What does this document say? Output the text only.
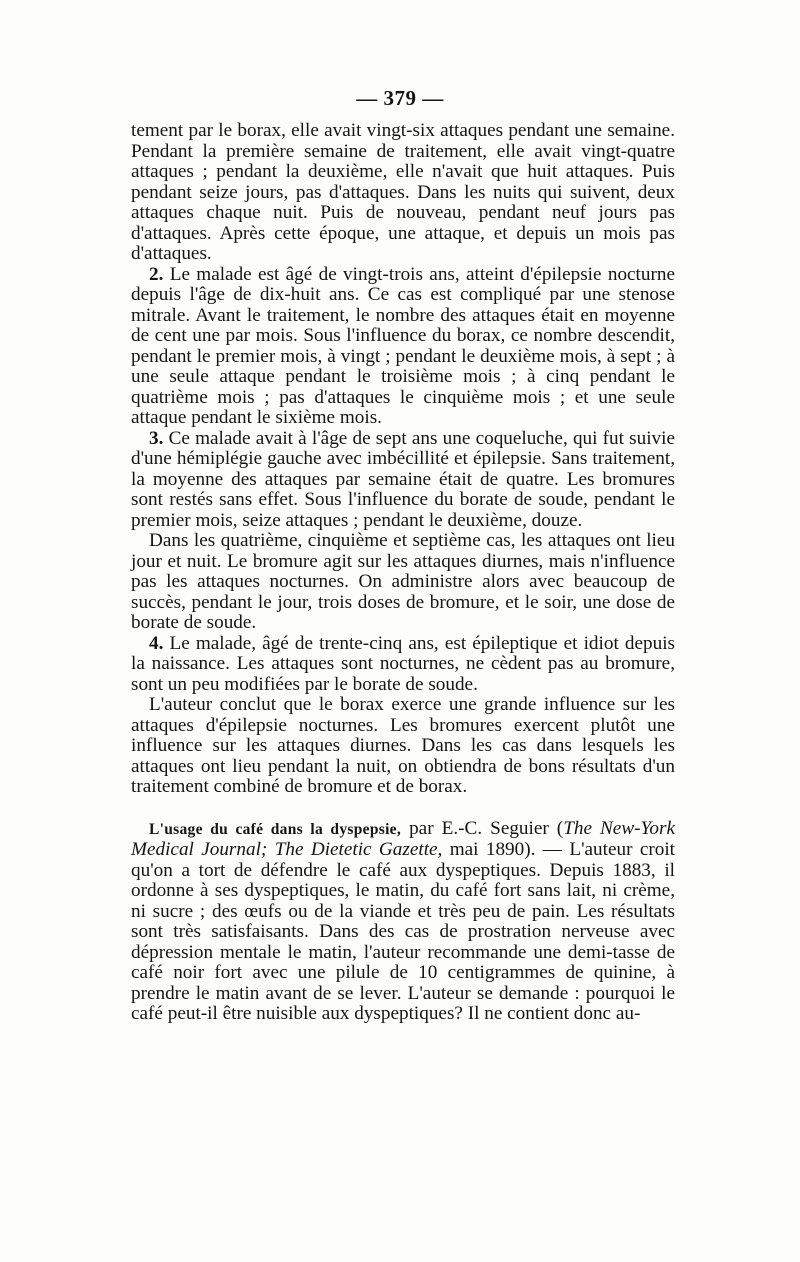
— 379 —

tement par le borax, elle avait vingt-six attaques pendant une semaine. Pendant la première semaine de traitement, elle avait vingt-quatre attaques ; pendant la deuxième, elle n'avait que huit attaques. Puis pendant seize jours, pas d'attaques. Dans les nuits qui suivent, deux attaques chaque nuit. Puis de nouveau, pendant neuf jours pas d'attaques. Après cette époque, une attaque, et depuis un mois pas d'attaques.

2. Le malade est âgé de vingt-trois ans, atteint d'épilepsie nocturne depuis l'âge de dix-huit ans. Ce cas est compliqué par une stenose mitrale. Avant le traitement, le nombre des attaques était en moyenne de cent une par mois. Sous l'influence du borax, ce nombre descendit, pendant le premier mois, à vingt ; pendant le deuxième mois, à sept ; à une seule attaque pendant le troisième mois ; à cinq pendant le quatrième mois ; pas d'attaques le cinquième mois ; et une seule attaque pendant le sixième mois.

3. Ce malade avait à l'âge de sept ans une coqueluche, qui fut suivie d'une hémiplégie gauche avec imbécillité et épilepsie. Sans traitement, la moyenne des attaques par semaine était de quatre. Les bromures sont restés sans effet. Sous l'influence du borate de soude, pendant le premier mois, seize attaques ; pendant le deuxième, douze.

Dans les quatrième, cinquième et septième cas, les attaques ont lieu jour et nuit. Le bromure agit sur les attaques diurnes, mais n'influence pas les attaques nocturnes. On administre alors avec beaucoup de succès, pendant le jour, trois doses de bromure, et le soir, une dose de borate de soude.

4. Le malade, âgé de trente-cinq ans, est épileptique et idiot depuis la naissance. Les attaques sont nocturnes, ne cèdent pas au bromure, sont un peu modifiées par le borate de soude.

L'auteur conclut que le borax exerce une grande influence sur les attaques d'épilepsie nocturnes. Les bromures exercent plutôt une influence sur les attaques diurnes. Dans les cas dans lesquels les attaques ont lieu pendant la nuit, on obtiendra de bons résultats d'un traitement combiné de bromure et de borax.

L'usage du café dans la dyspepsie, par E.-C. Seguier (The New-York Medical Journal; The Dietetic Gazette, mai 1890). — L'auteur croit qu'on a tort de défendre le café aux dyspeptiques. Depuis 1883, il ordonne à ses dyspeptiques, le matin, du café fort sans lait, ni crème, ni sucre ; des œufs ou de la viande et très peu de pain. Les résultats sont très satisfaisants. Dans des cas de prostration nerveuse avec dépression mentale le matin, l'auteur recommande une demi-tasse de café noir fort avec une pilule de 10 centigrammes de quinine, à prendre le matin avant de se lever. L'auteur se demande : pourquoi le café peut-il être nuisible aux dyspeptiques? Il ne contient donc au-
